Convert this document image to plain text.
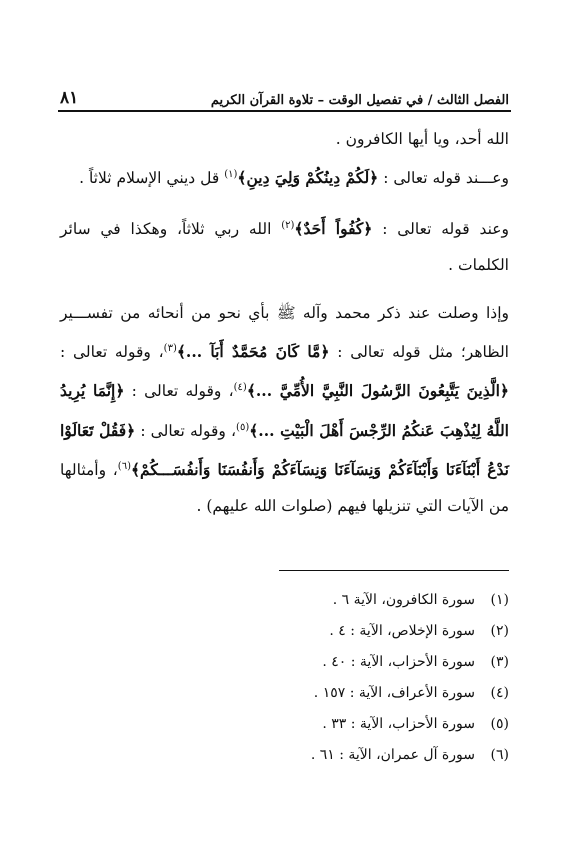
٨١	الفصل الثالث / في تفصيل الوقت – تلاوة القرآن الكريم

الله أحد، ويا أيها الكافرون .

وعـــند قوله تعالى : ﴿لَكُمْ دِينُكُمْ وَلِيَ دِينِ﴾$^{(١)}$ قل ديني الإسلام ثلاثاً .

وعند قوله تعالى : ﴿كُفُواً أَحَدٌ﴾$^{(٢)}$ الله ربي ثلاثاً، وهكذا في سائر الكلمات .

وإذا وصلت عند ذكر محمد وآله ﷺ بأي نحو من أنحائه من تفســـير الظاهر؛ مثل قوله تعالى : ﴿مَّا كَانَ مُحَمَّدٌ أَبَآ ...﴾$^{(٣)}$، وقوله تعالى : ﴿الَّذِينَ يَتَّبِعُونَ الرَّسُولَ النَّبِيَّ الأُمِّيَّ ...﴾$^{(٤)}$، وقوله تعالى : ﴿إِنَّمَا يُرِيدُ اللَّهُ لِيُذْهِبَ عَنكُمُ الرِّجْسَ أَهْلَ الْبَيْتِ ...﴾$^{(٥)}$، وقوله تعالى : ﴿فَقُلْ تَعَالَوْا نَدْعُ أَبْنَآءَنَا وَأَبْنَآءَكُمْ وَنِسَآءَنَا وَنِسَآءَكُمْ وَأَنفُسَنَا وَأَنفُسَـــكُمْ﴾$^{(٦)}$، وأمثالها من الآيات التي تنزيلها فيهم (صلوات الله عليهم) .

(١)سورة الكافرون، الآية ٦ .
(٢)سورة الإخلاص، الآية : ٤ .
(٣)سورة الأحزاب، الآية : ٤٠ .
(٤)سورة الأعراف، الآية : ١٥٧ .
(٥)سورة الأحزاب، الآية : ٣٣ .
(٦)سورة آل عمران، الآية : ٦١ .
